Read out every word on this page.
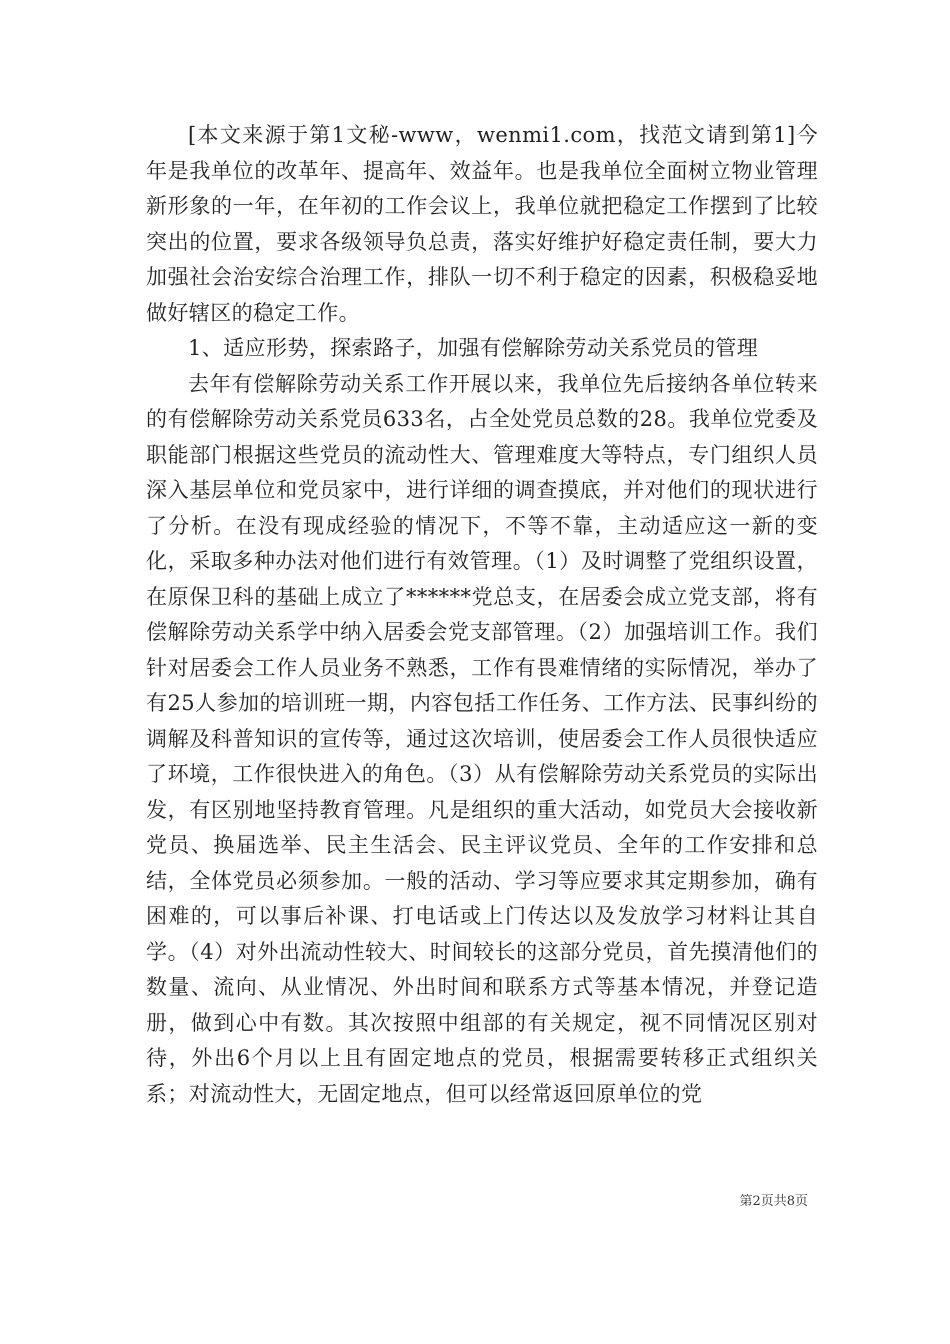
[本文来源于第1文秘-www，wenmi1.com，找范文请到第1]今年是我单位的改革年、提高年、效益年。也是我单位全面树立物业管理新形象的一年，在年初的工作会议上，我单位就把稳定工作摆到了比较突出的位置，要求各级领导负总责，落实好维护好稳定责任制，要大力加强社会治安综合治理工作，排队一切不利于稳定的因素，积极稳妥地做好辖区的稳定工作。

1、适应形势，探索路子，加强有偿解除劳动关系党员的管理

去年有偿解除劳动关系工作开展以来，我单位先后接纳各单位转来的有偿解除劳动关系党员633名，占全处党员总数的28。我单位党委及职能部门根据这些党员的流动性大、管理难度大等特点，专门组织人员深入基层单位和党员家中，进行详细的调查摸底，并对他们的现状进行了分析。在没有现成经验的情况下，不等不靠，主动适应这一新的变化，采取多种办法对他们进行有效管理。（1）及时调整了党组织设置，在原保卫科的基础上成立了******党总支，在居委会成立党支部，将有偿解除劳动关系学中纳入居委会党支部管理。（2）加强培训工作。我们针对居委会工作人员业务不熟悉，工作有畏难情绪的实际情况，举办了有25人参加的培训班一期，内容包括工作任务、工作方法、民事纠纷的调解及科普知识的宣传等，通过这次培训，使居委会工作人员很快适应了环境，工作很快进入的角色。（3）从有偿解除劳动关系党员的实际出发，有区别地坚持教育管理。凡是组织的重大活动，如党员大会接收新党员、换届选举、民主生活会、民主评议党员、全年的工作安排和总结，全体党员必须参加。一般的活动、学习等应要求其定期参加，确有困难的，可以事后补课、打电话或上门传达以及发放学习材料让其自学。（4）对外出流动性较大、时间较长的这部分党员，首先摸清他们的数量、流向、从业情况、外出时间和联系方式等基本情况，并登记造册，做到心中有数。其次按照中组部的有关规定，视不同情况区别对待，外出6个月以上且有固定地点的党员，根据需要转移正式组织关系；对流动性大，无固定地点，但可以经常返回原单位的党

第2页共8页
